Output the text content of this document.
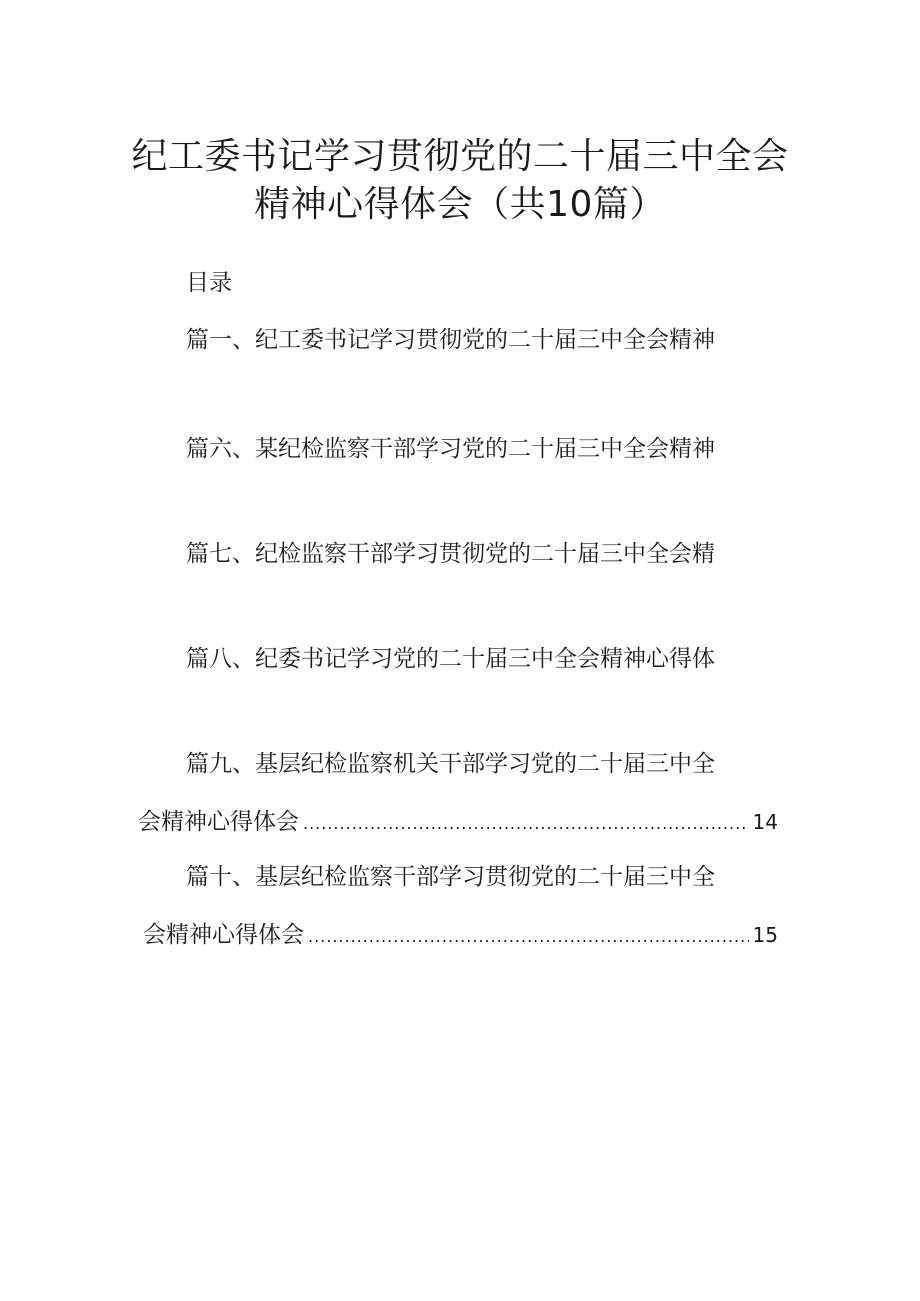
纪工委书记学习贯彻党的二十届三中全会
精神心得体会（共10篇）
目录
篇一、纪工委书记学习贯彻党的二十届三中全会精神
篇六、某纪检监察干部学习党的二十届三中全会精神
篇七、纪检监察干部学习贯彻党的二十届三中全会精
篇八、纪委书记学习党的二十届三中全会精神心得体
篇九、基层纪检监察机关干部学习党的二十届三中全
会精神心得体会 .....	14
篇十、基层纪检监察干部学习贯彻党的二十届三中全
会精神心得体会 .....	15
